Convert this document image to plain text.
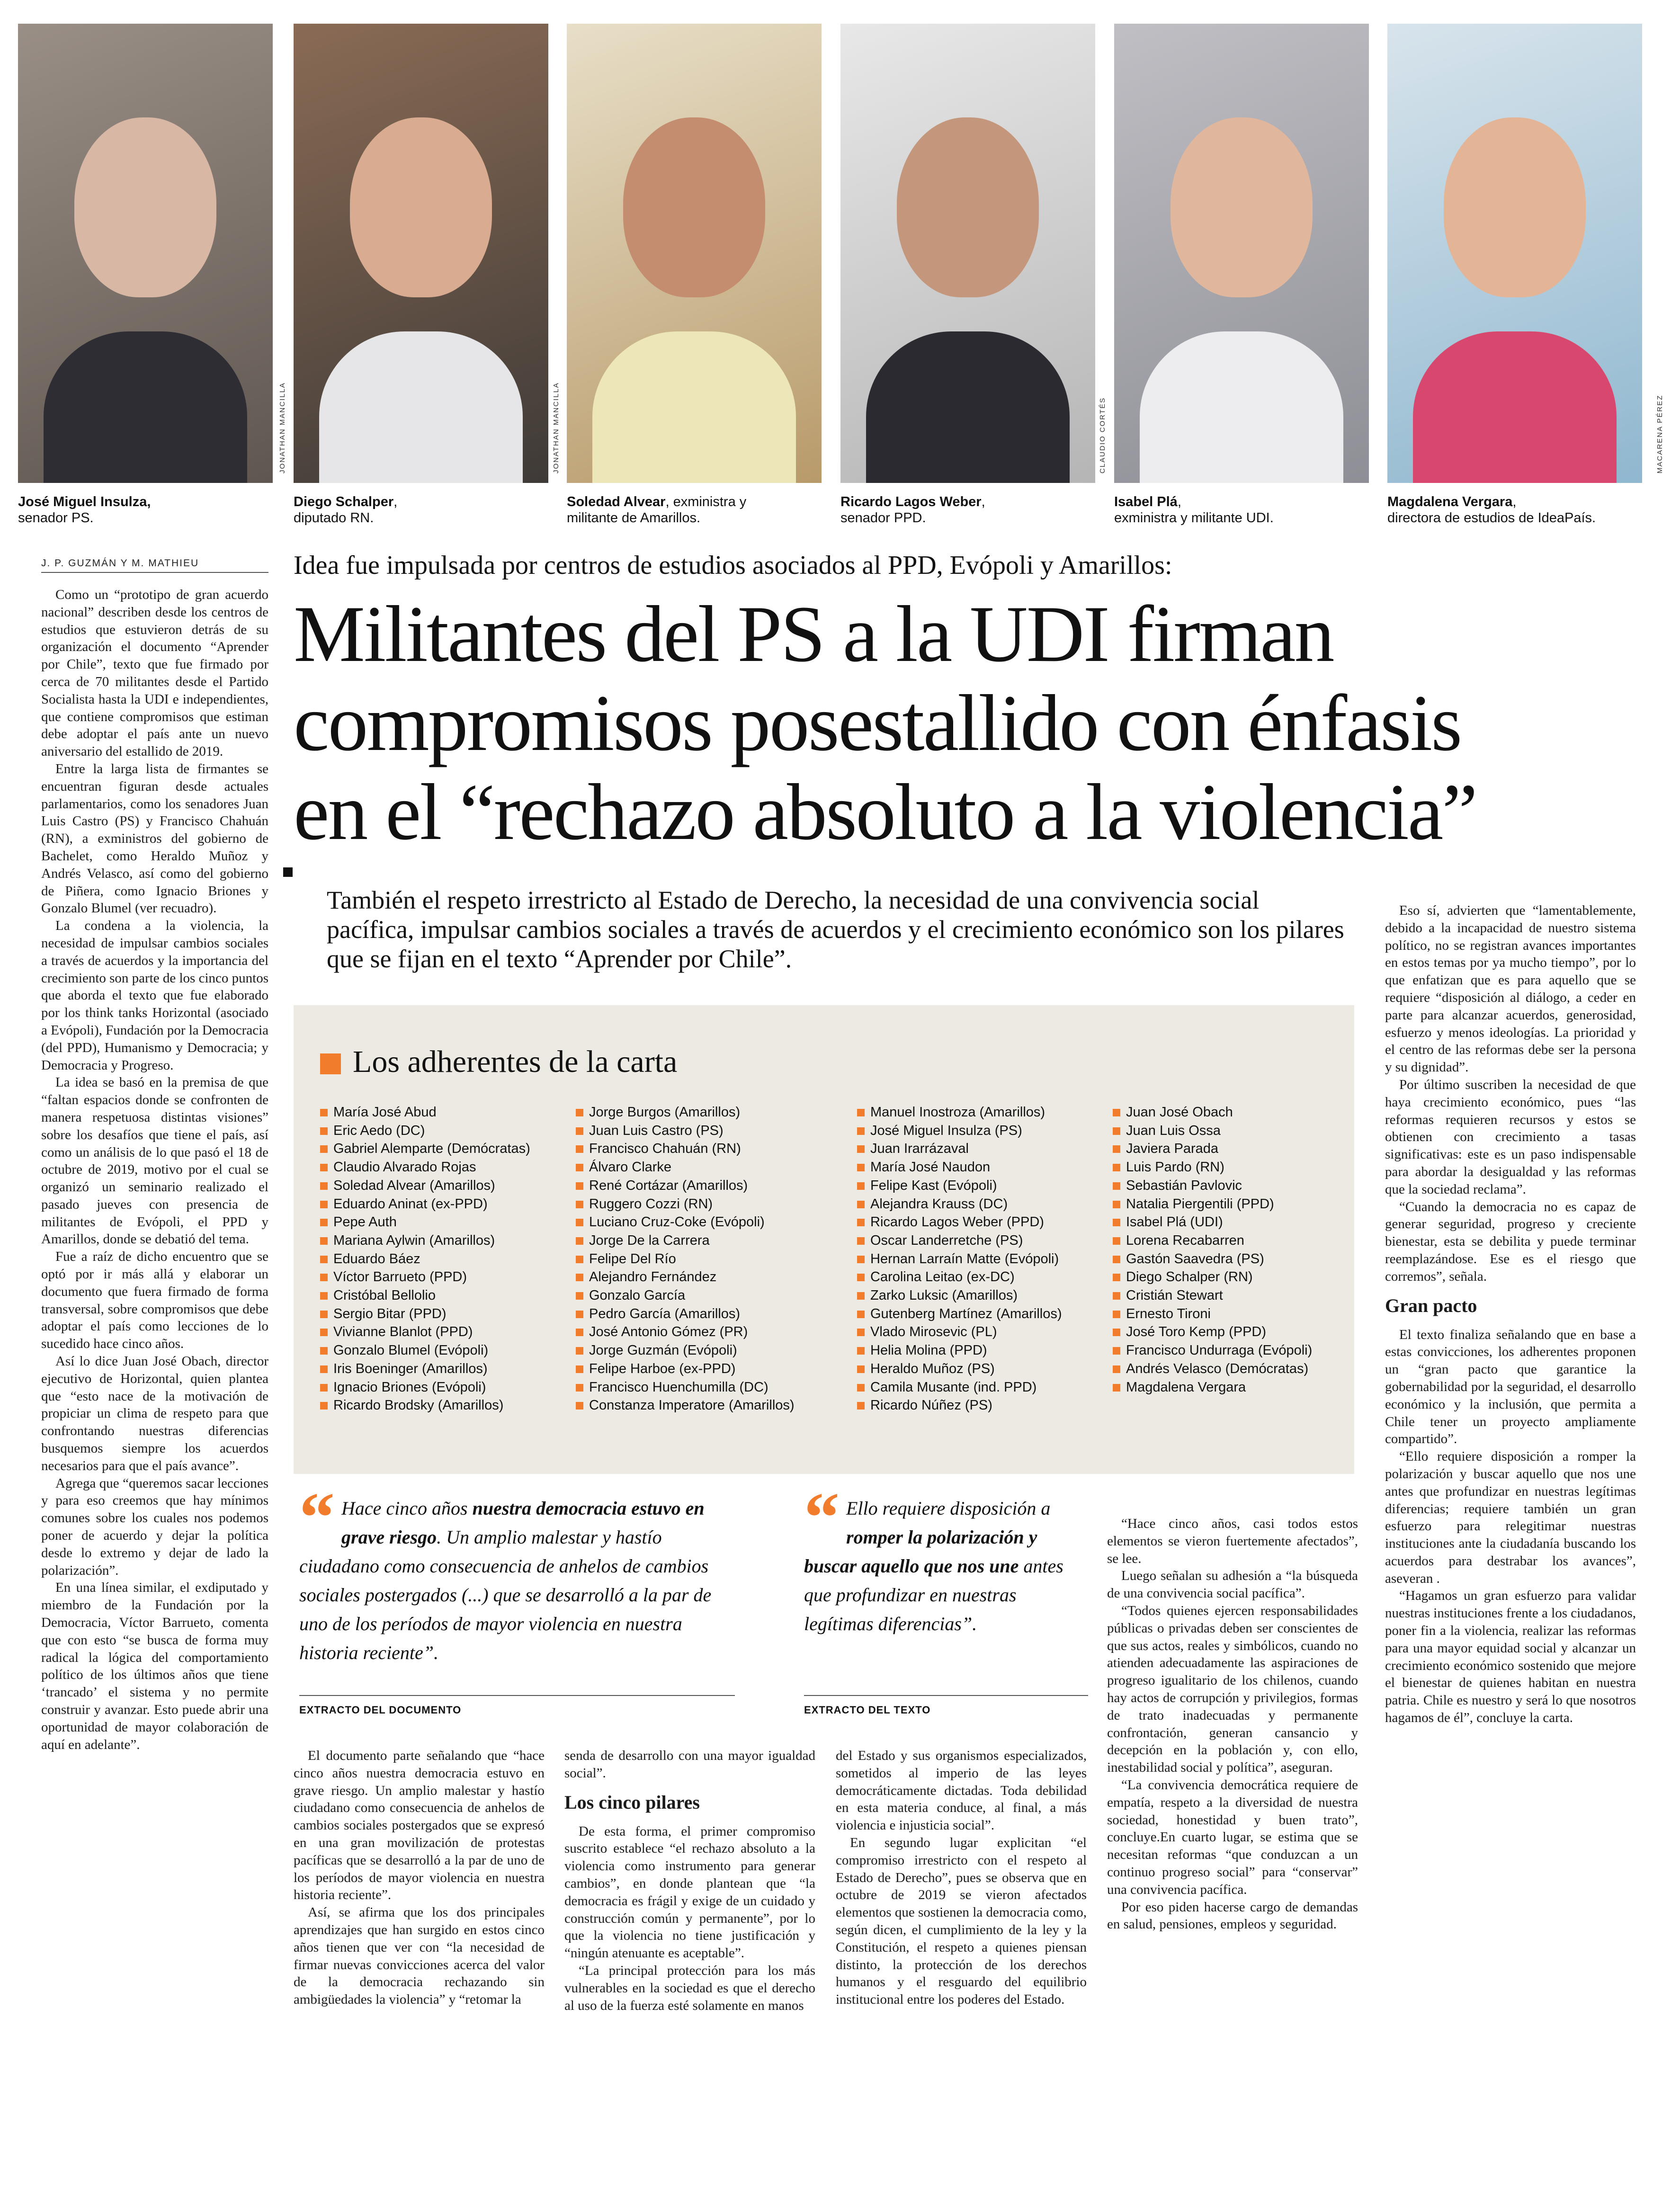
JONATHAN MANCILLA	JONATHAN MANCILLA	CLAUDIO CORTÉS	MACARENA PÉREZ
José Miguel Insulza,
senador PS.
Diego Schalper,
diputado RN.
Soledad Alvear, exministra y militante de Amarillos.
Ricardo Lagos Weber,
senador PPD.
Isabel Plá,
exministra y militante UDI.
Magdalena Vergara,
directora de estudios de IdeaPaís.
J. P. GUZMÁN Y M. MATHIEU	Idea fue impulsada por centros de estudios asociados al PPD, Evópoli y Amarillos:
Militantes del PS a la UDI firman
compromisos posestallido con énfasis
en el “rechazo absoluto a la violencia”
También el respeto irrestricto al Estado de Derecho, la necesidad de una convivencia social pacífica, impulsar cambios sociales a través de acuerdos y el crecimiento económico son los pilares que se fijan en el texto “Aprender por Chile”.

Como un “prototipo de gran acuerdo nacional” describen desde los centros de estudios que estuvieron detrás de su organización el documento “Aprender por Chile”, texto que fue firmado por cerca de 70 militantes desde el Partido Socialista hasta la UDI e independientes, que contiene compromisos que estiman debe adoptar el país ante un nuevo aniversario del estallido de 2019.

Entre la larga lista de firmantes se encuentran figuran desde actuales parlamentarios, como los senadores Juan Luis Castro (PS) y Francisco Chahuán (RN), a exministros del gobierno de Bachelet, como Heraldo Muñoz y Andrés Velasco, así como del gobierno de Piñera, como Ignacio Briones y Gonzalo Blumel (ver recuadro).

La condena a la violencia, la necesidad de impulsar cambios sociales a través de acuerdos y la importancia del crecimiento son parte de los cinco puntos que aborda el texto que fue elaborado por los think tanks Horizontal (asociado a Evópoli), Fundación por la Democracia (del PPD), Humanismo y Democracia; y Democracia y Progreso.

La idea se basó en la premisa de que “faltan espacios donde se confronten de manera respetuosa distintas visiones” sobre los desafíos que tiene el país, así como un análisis de lo que pasó el 18 de octubre de 2019, motivo por el cual se organizó un seminario realizado el pasado jueves con presencia de militantes de Evópoli, el PPD y Amarillos, donde se debatió del tema.

Fue a raíz de dicho encuentro que se optó por ir más allá y elaborar un documento que fuera firmado de forma transversal, sobre compromisos que debe adoptar el país como lecciones de lo sucedido hace cinco años.

Así lo dice Juan José Obach, director ejecutivo de Horizontal, quien plantea que “esto nace de la motivación de propiciar un clima de respeto para que confrontando nuestras diferencias busquemos siempre los acuerdos necesarios para que el país avance”.

Agrega que “queremos sacar lecciones y para eso creemos que hay mínimos comunes sobre los cuales nos podemos poner de acuerdo y dejar la política desde lo extremo y dejar de lado la polarización”.

En una línea similar, el exdiputado y miembro de la Fundación por la Democracia, Víctor Barrueto, comenta que con esto “se busca de forma muy radical la lógica del comportamiento político de los últimos años que tiene ‘trancado’ el sistema y no permite construir y avanzar. Esto puede abrir una oportunidad de mayor colaboración de aquí en adelante”.

Los adherentes de la carta
María José Abud
Eric Aedo (DC)
Gabriel Alemparte (Demócratas)
Claudio Alvarado Rojas
Soledad Alvear (Amarillos)
Eduardo Aninat (ex-PPD)
Pepe Auth
Mariana Aylwin (Amarillos)
Eduardo Báez
Víctor Barrueto (PPD)
Cristóbal Bellolio
Sergio Bitar (PPD)
Vivianne Blanlot (PPD)
Gonzalo Blumel (Evópoli)
Iris Boeninger (Amarillos)
Ignacio Briones (Evópoli)
Ricardo Brodsky (Amarillos)
Jorge Burgos (Amarillos)
Juan Luis Castro (PS)
Francisco Chahuán (RN)
Álvaro Clarke
René Cortázar (Amarillos)
Ruggero Cozzi (RN)
Luciano Cruz-Coke (Evópoli)
Jorge De la Carrera
Felipe Del Río
Alejandro Fernández
Gonzalo García
Pedro García (Amarillos)
José Antonio Gómez (PR)
Jorge Guzmán (Evópoli)
Felipe Harboe (ex-PPD)
Francisco Huenchumilla (DC)
Constanza Imperatore (Amarillos)
Manuel Inostroza (Amarillos)
José Miguel Insulza (PS)
Juan Irarrázaval
María José Naudon
Felipe Kast (Evópoli)
Alejandra Krauss (DC)
Ricardo Lagos Weber (PPD)
Oscar Landerretche (PS)
Hernan Larraín Matte (Evópoli)
Carolina Leitao (ex-DC)
Zarko Luksic (Amarillos)
Gutenberg Martínez (Amarillos)
Vlado Mirosevic (PL)
Helia Molina (PPD)
Heraldo Muñoz (PS)
Camila Musante (ind. PPD)
Ricardo Núñez (PS)
Juan José Obach
Juan Luis Ossa
Javiera Parada
Luis Pardo (RN)
Sebastián Pavlovic
Natalia Piergentili (PPD)
Isabel Plá (UDI)
Lorena Recabarren
Gastón Saavedra (PS)
Diego Schalper (RN)
Cristián Stewart
Ernesto Tironi
José Toro Kemp (PPD)
Francisco Undurraga (Evópoli)
Andrés Velasco (Demócratas)
Magdalena Vergara
“ Hace cinco años nuestra democracia estuvo en grave riesgo. Un amplio malestar y hastío ciudadano como consecuencia de anhelos de cambios sociales postergados (...) que se desarrolló a la par de uno de los períodos de mayor violencia en nuestra historia reciente”.
EXTRACTO DEL DOCUMENTO
“ Ello requiere disposición a romper la polarización y buscar aquello que nos une antes que profundizar en nuestras legítimas diferencias”.
EXTRACTO DEL TEXTO

El documento parte señalando que “hace cinco años nuestra democracia estuvo en grave riesgo. Un amplio malestar y hastío ciudadano como consecuencia de anhelos de cambios sociales postergados que se expresó en una gran movilización de protestas pacíficas que se desarrolló a la par de uno de los períodos de mayor violencia en nuestra historia reciente”.

Así, se afirma que los dos principales aprendizajes que han surgido en estos cinco años tienen que ver con “la necesidad de firmar nuevas convicciones acerca del valor de la democracia rechazando sin ambigüedades la violencia” y “retomar la

senda de desarrollo con una mayor igualdad social”.

Los cinco pilares

De esta forma, el primer compromiso suscrito establece “el rechazo absoluto a la violencia como instrumento para generar cambios”, en donde plantean que “la democracia es frágil y exige de un cuidado y construcción común y permanente”, por lo que la violencia no tiene justificación y “ningún atenuante es aceptable”.

“La principal protección para los más vulnerables en la sociedad es que el derecho al uso de la fuerza esté solamente en manos

del Estado y sus organismos especializados, sometidos al imperio de las leyes democráticamente dictadas. Toda debilidad en esta materia conduce, al final, a más violencia e injusticia social”.

En segundo lugar explicitan “el compromiso irrestricto con el respeto al Estado de Derecho”, pues se observa que en octubre de 2019 se vieron afectados elementos que sostienen la democracia como, según dicen, el cumplimiento de la ley y la Constitución, el respeto a quienes piensan distinto, la protección de los derechos humanos y el resguardo del equilibrio institucional entre los poderes del Estado.

“Hace cinco años, casi todos estos elementos se vieron fuertemente afectados”, se lee.

Luego señalan su adhesión a “la búsqueda de una convivencia social pacífica”.

“Todos quienes ejercen responsabilidades públicas o privadas deben ser conscientes de que sus actos, reales y simbólicos, cuando no atienden adecuadamente las aspiraciones de progreso igualitario de los chilenos, cuando hay actos de corrupción y privilegios, formas de trato inadecuadas y permanente confrontación, generan cansancio y decepción en la población y, con ello, inestabilidad social y política”, aseguran.

“La convivencia democrática requiere de empatía, respeto a la diversidad de nuestra sociedad, honestidad y buen trato”, concluye.En cuarto lugar, se estima que se necesitan reformas “que conduzcan a un continuo progreso social” para “conservar” una convivencia pacífica.

Por eso piden hacerse cargo de demandas en salud, pensiones, empleos y seguridad.

Eso sí, advierten que “lamentablemente, debido a la incapacidad de nuestro sistema político, no se registran avances importantes en estos temas por ya mucho tiempo”, por lo que enfatizan que es para aquello que se requiere “disposición al diálogo, a ceder en parte para alcanzar acuerdos, generosidad, esfuerzo y menos ideologías. La prioridad y el centro de las reformas debe ser la persona y su dignidad”.

Por último suscriben la necesidad de que haya crecimiento económico, pues “las reformas requieren recursos y estos se obtienen con crecimiento a tasas significativas: este es un paso indispensable para abordar la desigualdad y las reformas que la sociedad reclama”.

“Cuando la democracia no es capaz de generar seguridad, progreso y creciente bienestar, esta se debilita y puede terminar reemplazándose. Ese es el riesgo que corremos”, señala.

Gran pacto

El texto finaliza señalando que en base a estas convicciones, los adherentes proponen un “gran pacto que garantice la gobernabilidad por la seguridad, el desarrollo económico y la inclusión, que permita a Chile tener un proyecto ampliamente compartido”.

“Ello requiere disposición a romper la polarización y buscar aquello que nos une antes que profundizar en nuestras legítimas diferencias; requiere también un gran esfuerzo para relegitimar nuestras instituciones ante la ciudadanía buscando los acuerdos para destrabar los avances”, aseveran .

“Hagamos un gran esfuerzo para validar nuestras instituciones frente a los ciudadanos, poner fin a la violencia, realizar las reformas para una mayor equidad social y alcanzar un crecimiento económico sostenido que mejore el bienestar de quienes habitan en nuestra patria. Chile es nuestro y será lo que nosotros hagamos de él”, concluye la carta.
